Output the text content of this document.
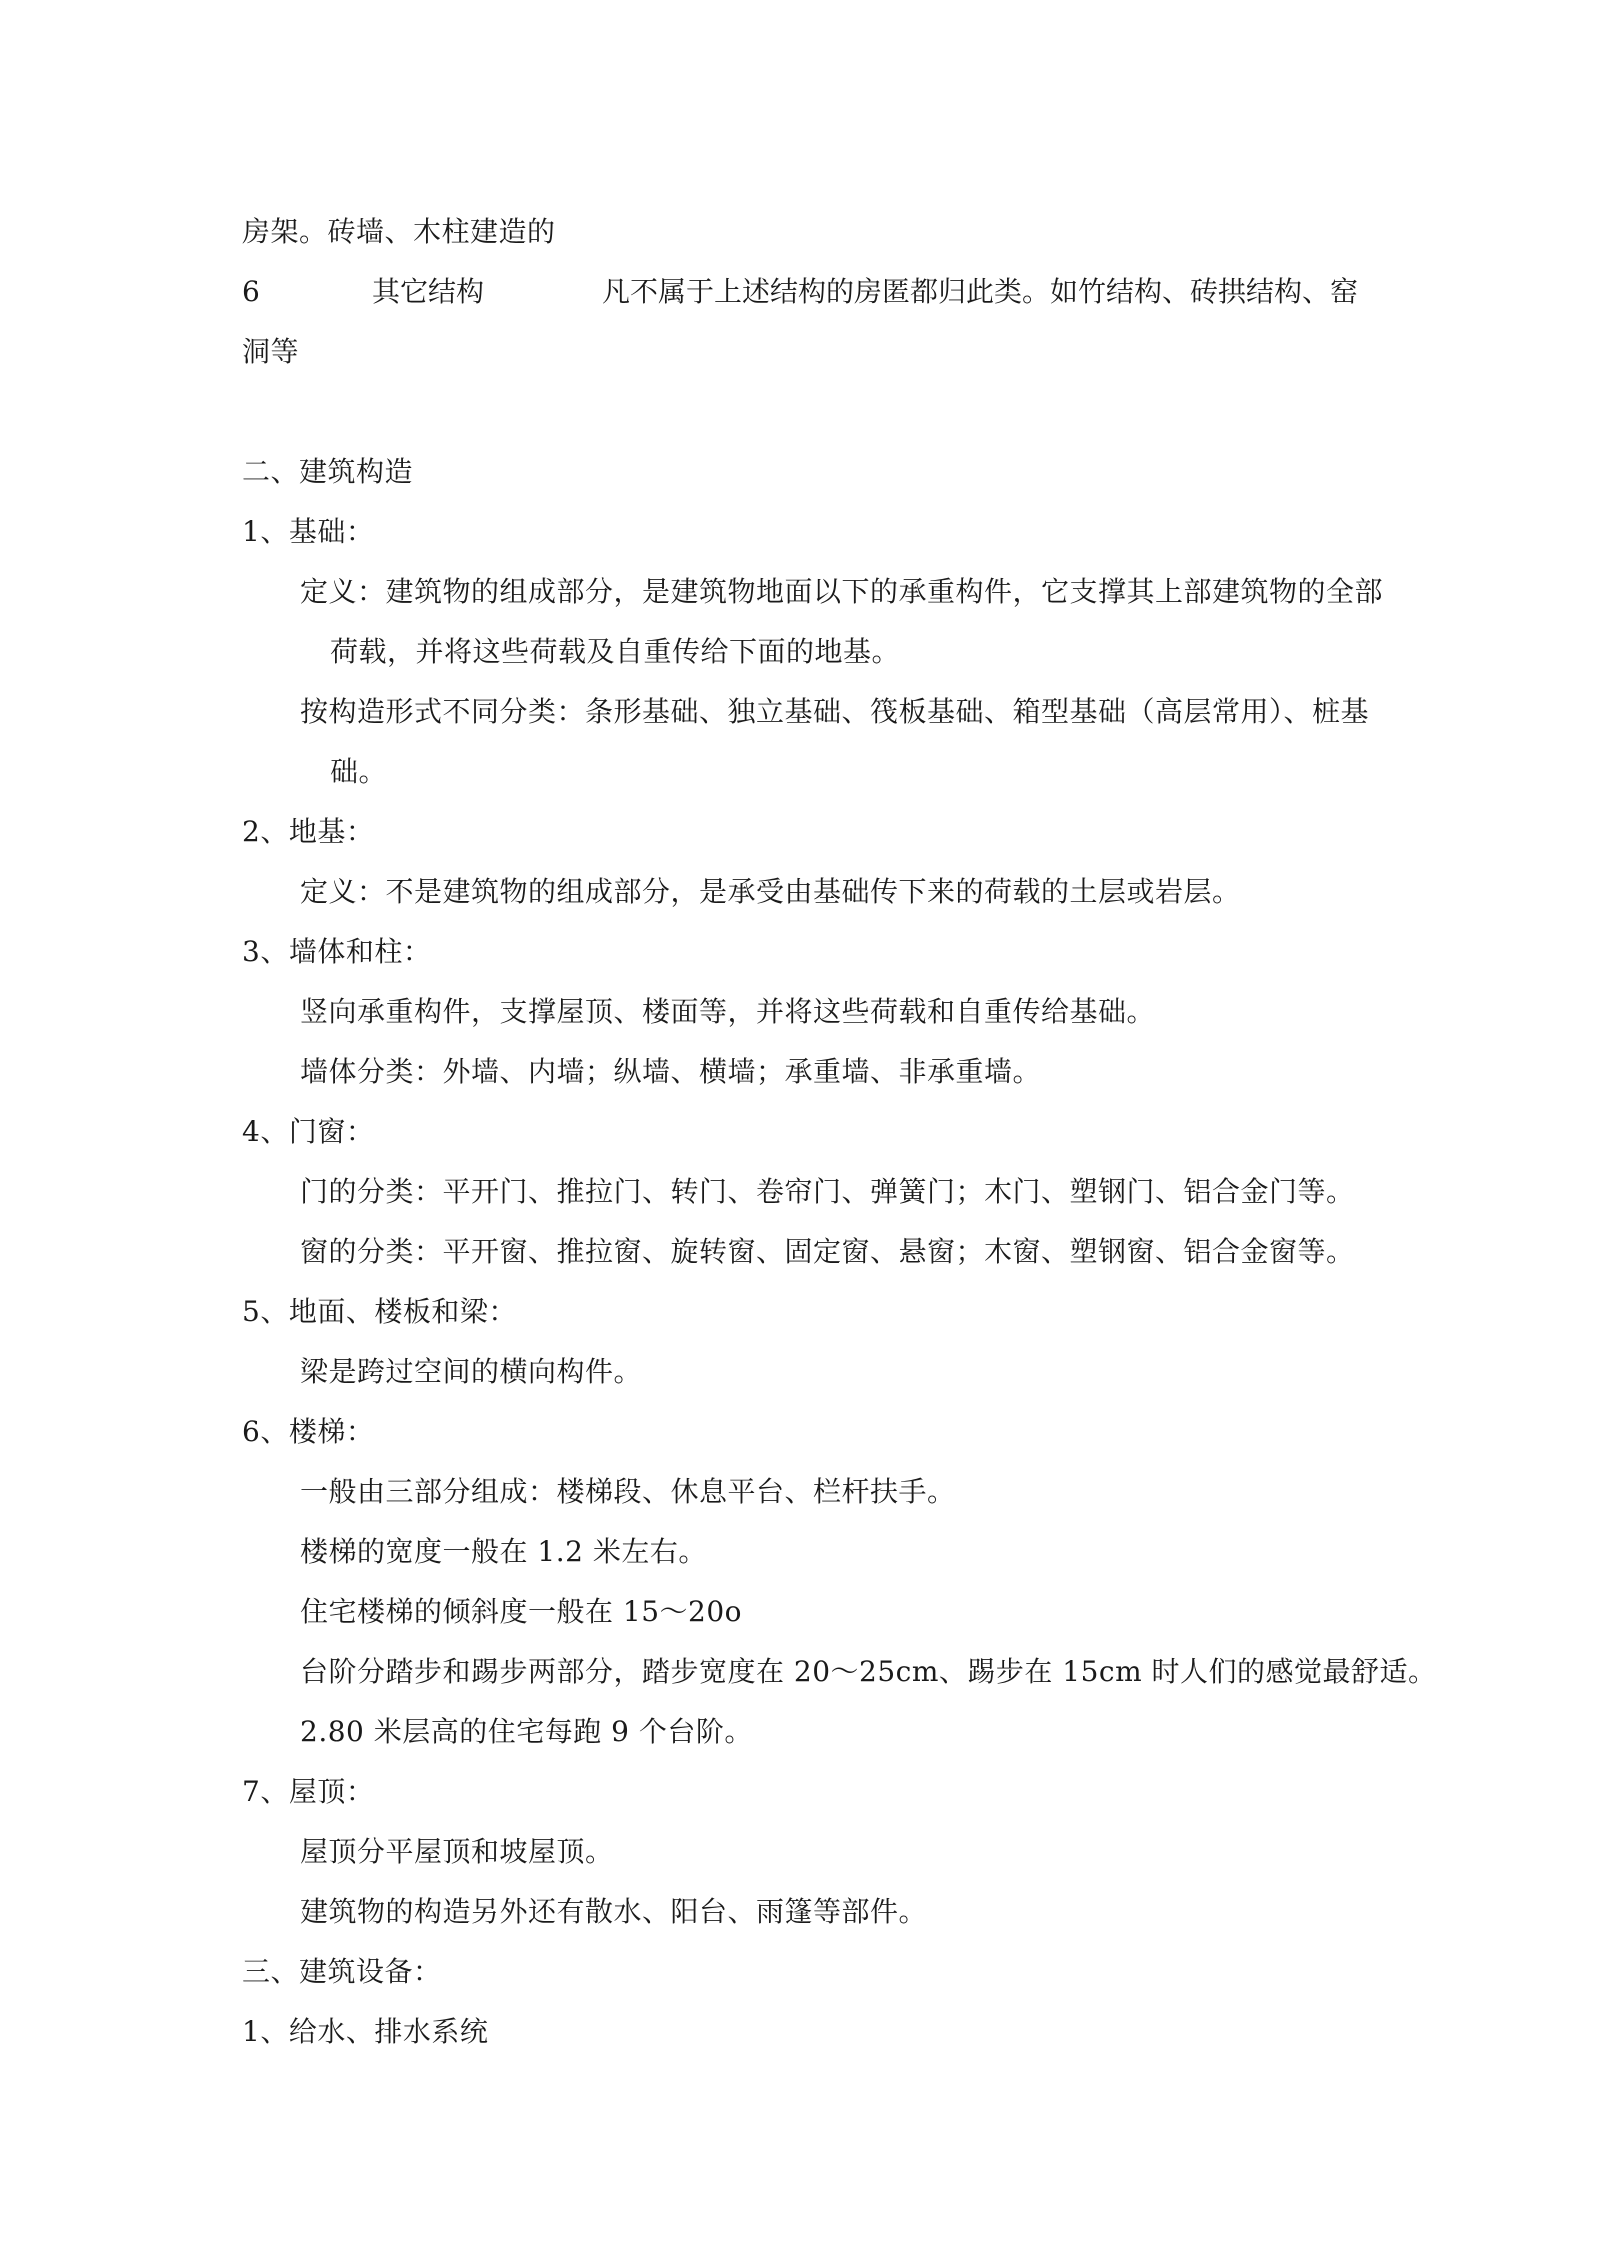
房架。砖墙、木柱建造的
6	其它结构	凡不属于上述结构的房匿都归此类。如竹结构、砖拱结构、窑
洞等
二、建筑构造
1、基础：
定义：建筑物的组成部分，是建筑物地面以下的承重构件，它支撑其上部建筑物的全部
荷载，并将这些荷载及自重传给下面的地基。
按构造形式不同分类：条形基础、独立基础、筏板基础、箱型基础（高层常用）、桩基
础。
2、地基：
定义：不是建筑物的组成部分，是承受由基础传下来的荷载的土层或岩层。
3、墙体和柱：
竖向承重构件，支撑屋顶、楼面等，并将这些荷载和自重传给基础。
墙体分类：外墙、内墙；纵墙、横墙；承重墙、非承重墙。
4、门窗：
门的分类：平开门、推拉门、转门、卷帘门、弹簧门；木门、塑钢门、铝合金门等。
窗的分类：平开窗、推拉窗、旋转窗、固定窗、悬窗；木窗、塑钢窗、铝合金窗等。
5、地面、楼板和梁：
梁是跨过空间的横向构件。
6、楼梯：
一般由三部分组成：楼梯段、休息平台、栏杆扶手。
楼梯的宽度一般在 1.2 米左右。
住宅楼梯的倾斜度一般在 15～20o
台阶分踏步和踢步两部分，踏步宽度在 20～25cm、踢步在 15cm 时人们的感觉最舒适。
2.80 米层高的住宅每跑 9 个台阶。
7、屋顶：
屋顶分平屋顶和坡屋顶。
建筑物的构造另外还有散水、阳台、雨篷等部件。
三、建筑设备：
1、给水、排水系统
